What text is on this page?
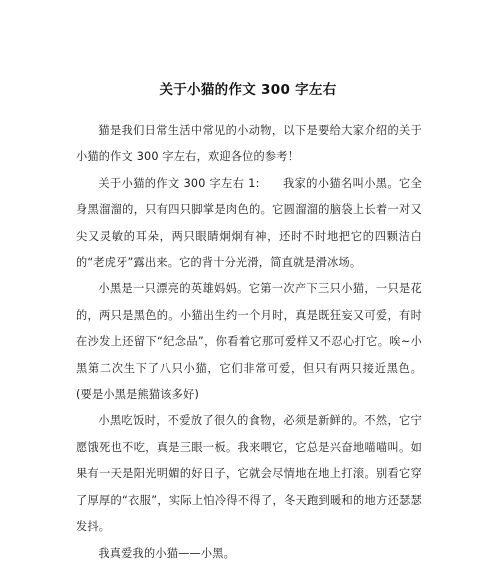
关于小猫的作文 300 字左右

猫是我们日常生活中常见的小动物，以下是要给大家介绍的关于小猫的作文 300 字左右，欢迎各位的参考！

关于小猫的作文 300 字左右 1:　　我家的小猫名叫小黑。它全身黑溜溜的，只有四只脚掌是肉色的。它圆溜溜的脑袋上长着一对又尖又灵敏的耳朵，两只眼睛炯炯有神，还时不时地把它的四颗洁白的“老虎牙”露出来。它的背十分光滑，简直就是滑冰场。

小黑是一只漂亮的英雄妈妈。它第一次产下三只小猫，一只是花的，两只是黑色的。小猫出生约一个月时，真是既狂妄又可爱，有时在沙发上还留下“纪念品”，你看着它那可爱样又不忍心打它。唉~小黑第二次生下了八只小猫，它们非常可爱，但只有两只接近黑色。(要是小黑是熊猫该多好)

小黑吃饭时，不爱放了很久的食物，必须是新鲜的。不然，它宁愿饿死也不吃，真是三眼一板。我来喂它，它总是兴奋地喵喵叫。如果有一天是阳光明媚的好日子，它就会尽情地在地上打滚。别看它穿了厚厚的“衣服”，实际上怕冷得不得了，冬天跑到暖和的地方还瑟瑟发抖。

我真爱我的小猫——小黑。
